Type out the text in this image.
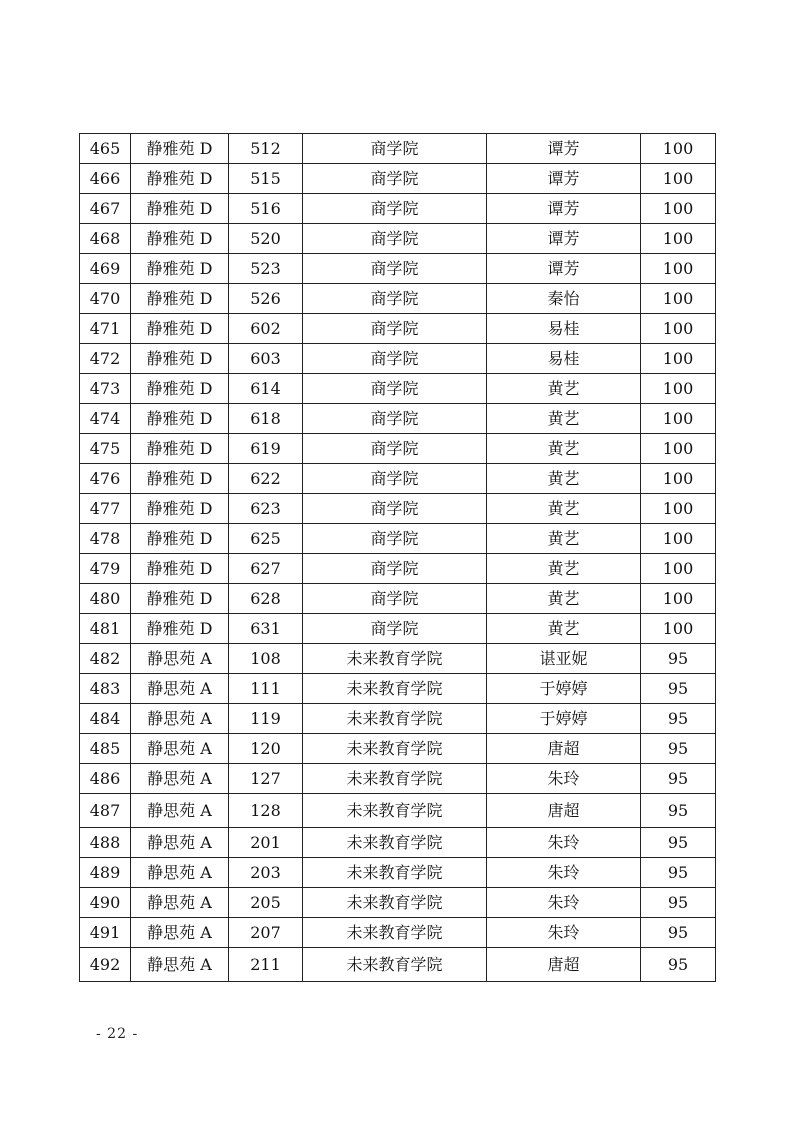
465	静雅苑 D	512	商学院	谭芳	100
466	静雅苑 D	515	商学院	谭芳	100
467	静雅苑 D	516	商学院	谭芳	100
468	静雅苑 D	520	商学院	谭芳	100
469	静雅苑 D	523	商学院	谭芳	100
470	静雅苑 D	526	商学院	秦怡	100
471	静雅苑 D	602	商学院	易桂	100
472	静雅苑 D	603	商学院	易桂	100
473	静雅苑 D	614	商学院	黄艺	100
474	静雅苑 D	618	商学院	黄艺	100
475	静雅苑 D	619	商学院	黄艺	100
476	静雅苑 D	622	商学院	黄艺	100
477	静雅苑 D	623	商学院	黄艺	100
478	静雅苑 D	625	商学院	黄艺	100
479	静雅苑 D	627	商学院	黄艺	100
480	静雅苑 D	628	商学院	黄艺	100
481	静雅苑 D	631	商学院	黄艺	100
482	静思苑 A	108	未来教育学院	谌亚妮	95
483	静思苑 A	111	未来教育学院	于婷婷	95
484	静思苑 A	119	未来教育学院	于婷婷	95
485	静思苑 A	120	未来教育学院	唐超	95
486	静思苑 A	127	未来教育学院	朱玲	95
487	静思苑 A	128	未来教育学院	唐超	95
488	静思苑 A	201	未来教育学院	朱玲	95
489	静思苑 A	203	未来教育学院	朱玲	95
490	静思苑 A	205	未来教育学院	朱玲	95
491	静思苑 A	207	未来教育学院	朱玲	95
492	静思苑 A	211	未来教育学院	唐超	95
- 22 -
